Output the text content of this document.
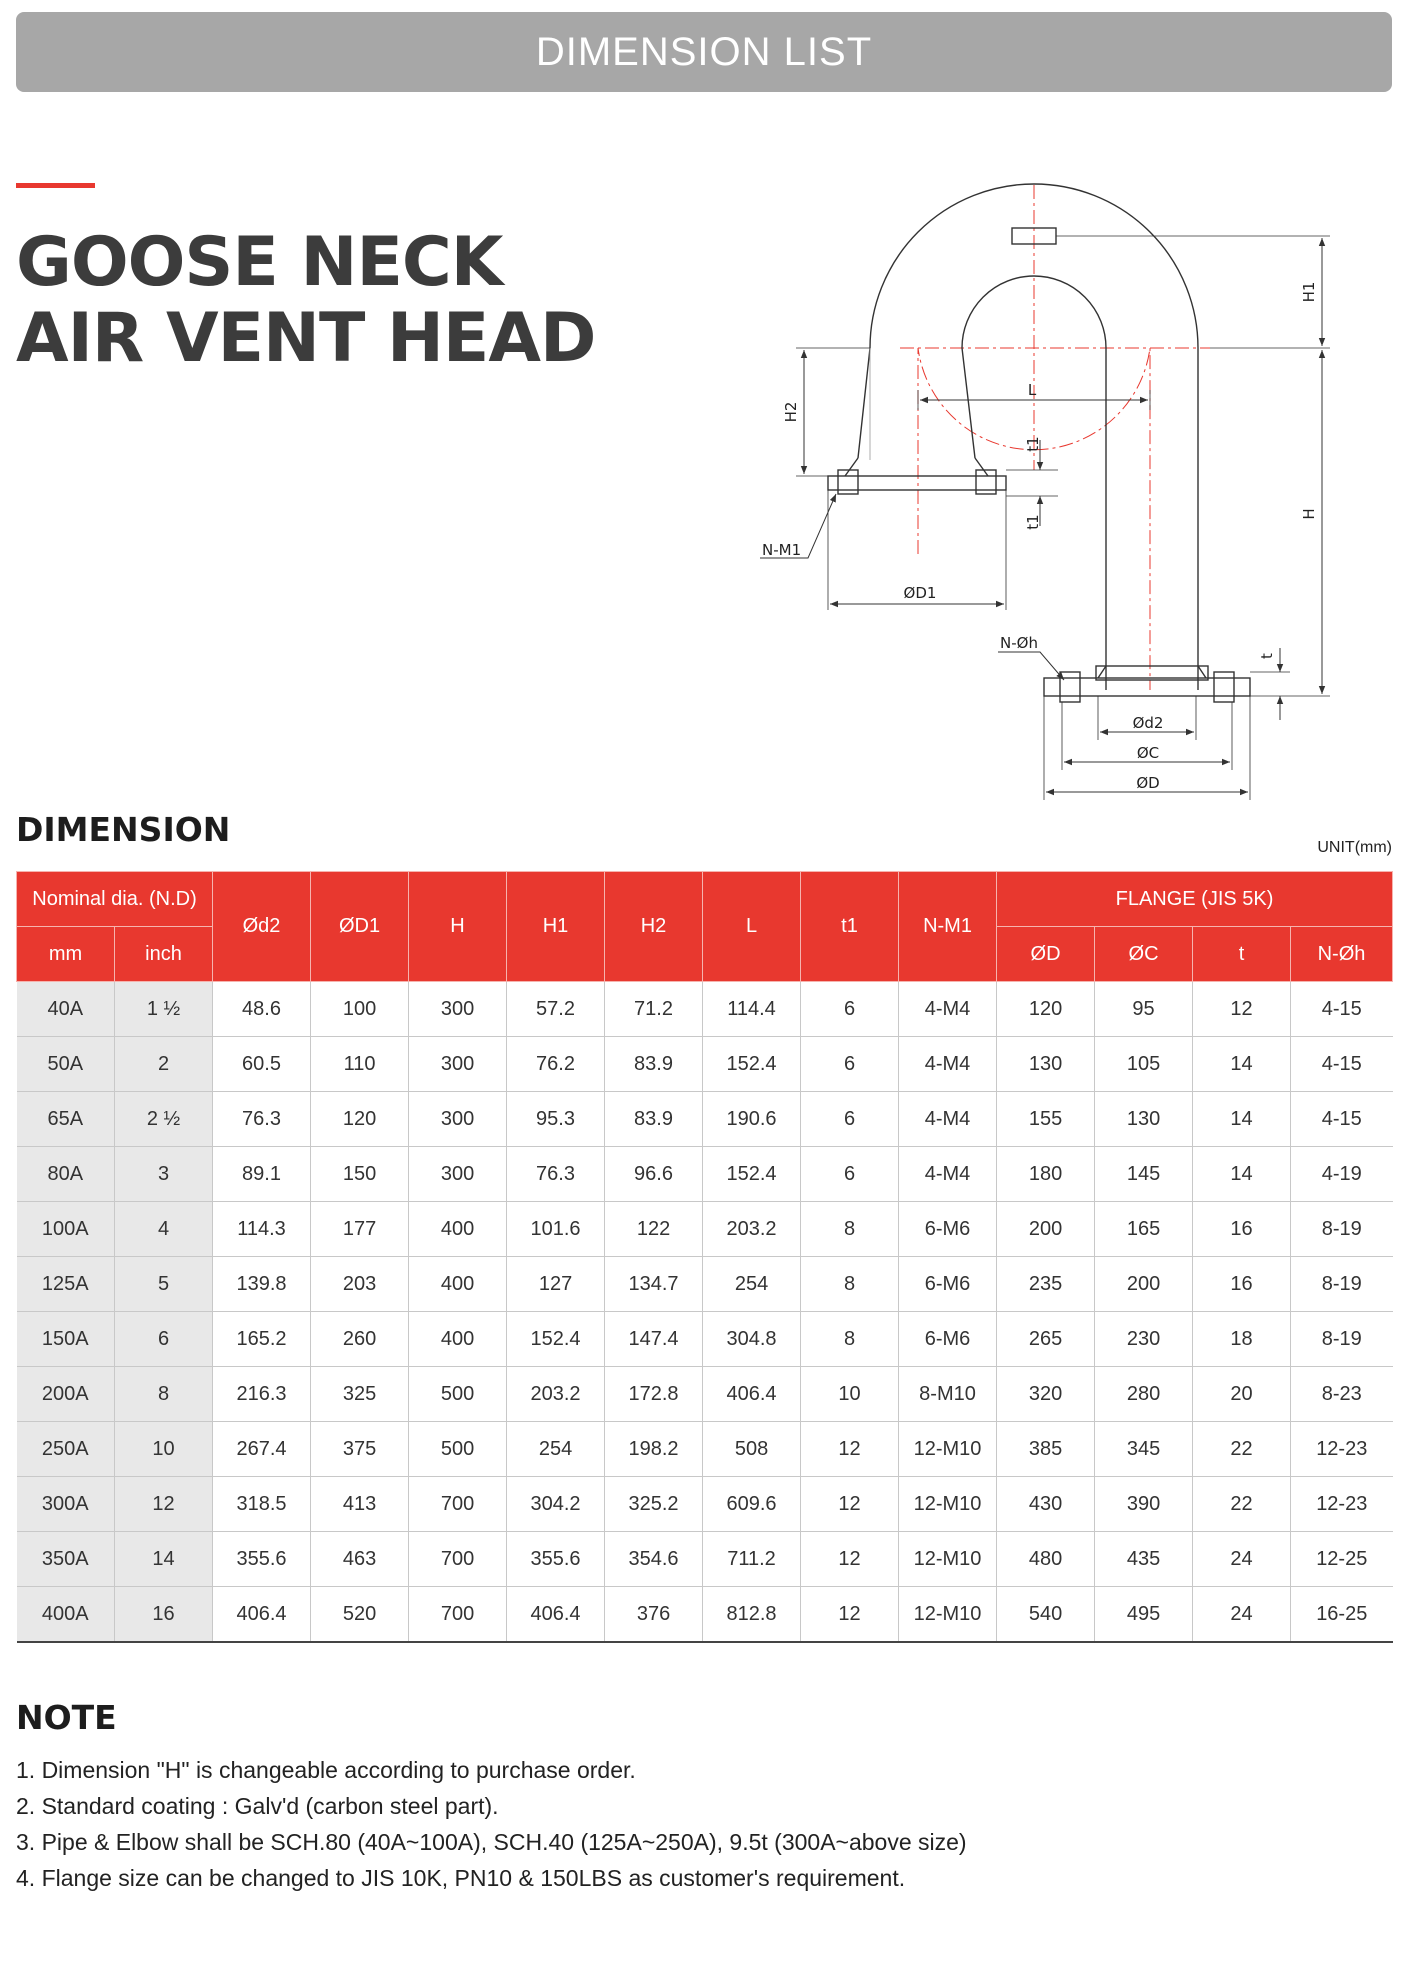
DIMENSION LIST
GOOSE NECK
AIR VENT HEAD
L
H1
H
H2
t1
t1
N-M1
ØD1
N-Øh
t
Ød2
ØC
ØD
DIMENSION	UNIT(mm)
Nominal dia. (N.D)		Ød2	ØD1	H	H1	H2	L	t1	N-M1	FLANGE (JIS 5K)			
mm	inch									ØD	ØC	t	N-Øh
40A	1 ½	48.6	100	300	57.2	71.2	114.4	6	4-M4	120	95	12	4-15
50A	2	60.5	110	300	76.2	83.9	152.4	6	4-M4	130	105	14	4-15
65A	2 ½	76.3	120	300	95.3	83.9	190.6	6	4-M4	155	130	14	4-15
80A	3	89.1	150	300	76.3	96.6	152.4	6	4-M4	180	145	14	4-19
100A	4	114.3	177	400	101.6	122	203.2	8	6-M6	200	165	16	8-19
125A	5	139.8	203	400	127	134.7	254	8	6-M6	235	200	16	8-19
150A	6	165.2	260	400	152.4	147.4	304.8	8	6-M6	265	230	18	8-19
200A	8	216.3	325	500	203.2	172.8	406.4	10	8-M10	320	280	20	8-23
250A	10	267.4	375	500	254	198.2	508	12	12-M10	385	345	22	12-23
300A	12	318.5	413	700	304.2	325.2	609.6	12	12-M10	430	390	22	12-23
350A	14	355.6	463	700	355.6	354.6	711.2	12	12-M10	480	435	24	12-25
400A	16	406.4	520	700	406.4	376	812.8	12	12-M10	540	495	24	16-25
NOTE
1. Dimension "H" is changeable according to purchase order.
2. Standard coating : Galv'd (carbon steel part).
3. Pipe & Elbow shall be SCH.80 (40A~100A), SCH.40 (125A~250A), 9.5t (300A~above size)
4. Flange size can be changed to JIS 10K, PN10 & 150LBS as customer's requirement.
